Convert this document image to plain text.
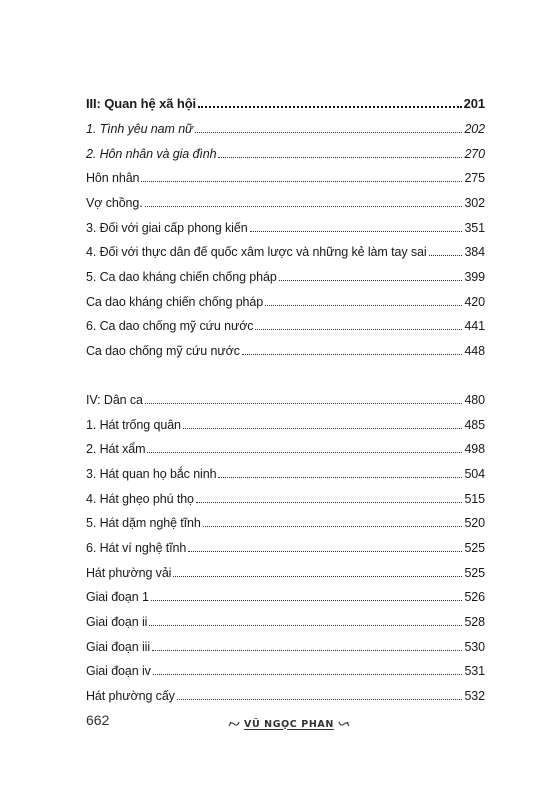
III: Quan hệ xã hội	201
1. Tình yêu nam nữ	202
2. Hôn nhân và gia đình	270
Hôn nhân	275
Vợ chồng.	302
3. Đối với giai cấp phong kiến	351
4. Đối với thực dân đế quốc xâm lược và những kẻ làm tay sai	384
5. Ca dao kháng chiến chống pháp	399
Ca dao kháng chiến chống pháp	420
6. Ca dao chống mỹ cứu nước	441
Ca dao chống mỹ cứu nước	448
IV: Dân ca	480
1. Hát trống quân	485
2. Hát xẩm	498
3. Hát quan họ bắc ninh	504
4. Hát ghẹo phú thọ	515
5. Hát dặm nghệ tĩnh	520
6. Hát ví nghệ tĩnh	525
Hát phường vải	525
Giai đoạn 1	526
Giai đoạn ii	528
Giai đoạn iii	530
Giai đoạn iv	531
Hát phường cấy	532
662	VŨ NGỌC PHAN
